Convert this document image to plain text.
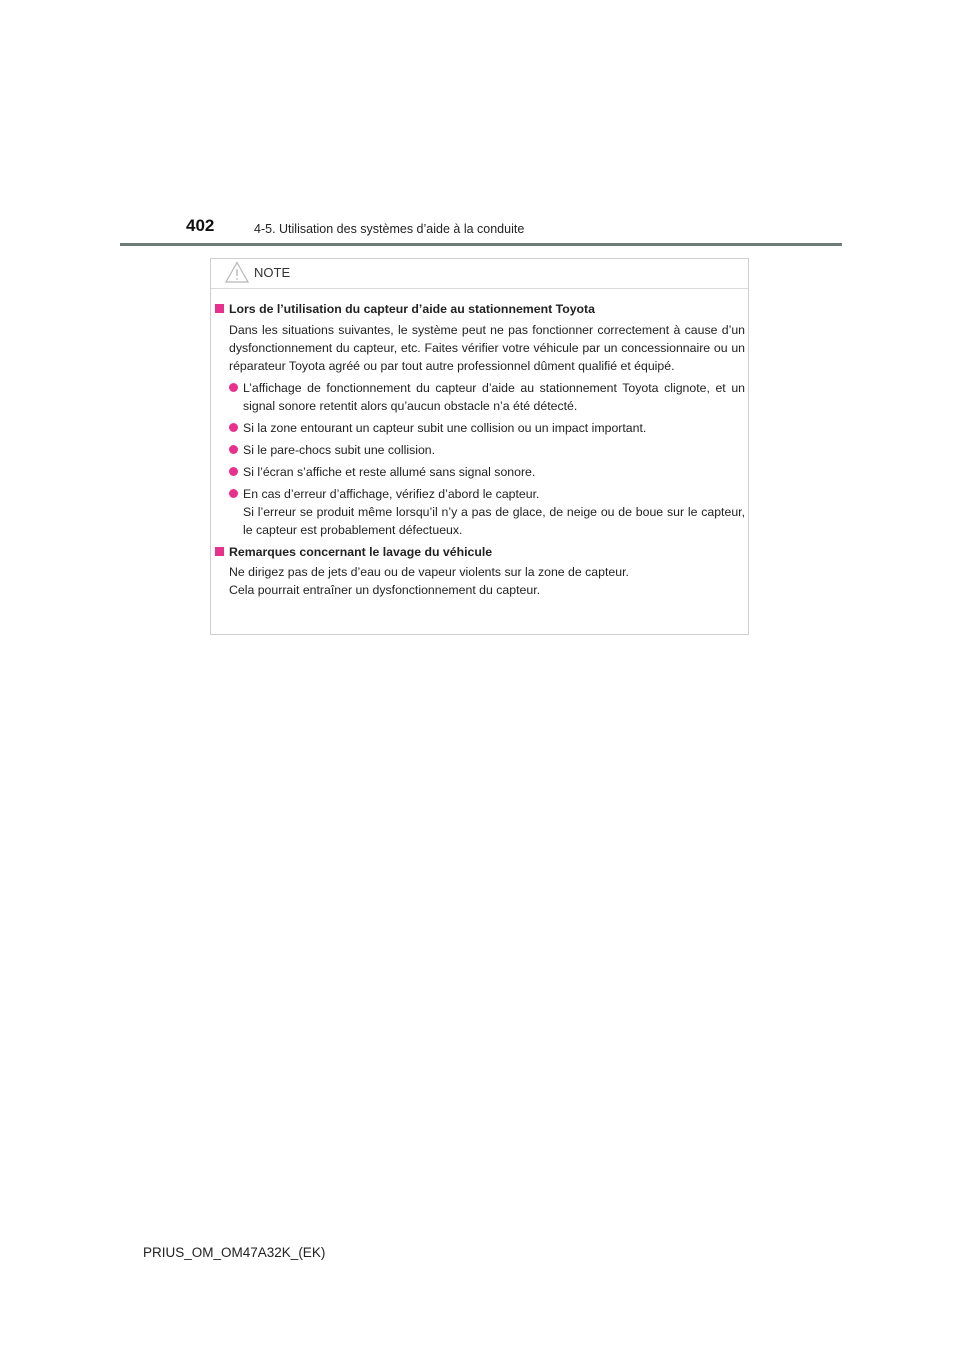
402	4-5. Utilisation des systèmes d’aide à la conduite
NOTE
Lors de l’utilisation du capteur d’aide au stationnement Toyota

Dans les situations suivantes, le système peut ne pas fonctionner correctement à cause d’un dysfonctionnement du capteur, etc. Faites vérifier votre véhicule par un concessionnaire ou un réparateur Toyota agréé ou par tout autre professionnel dûment qualifié et équipé.

L’affichage de fonctionnement du capteur d’aide au stationnement Toyota clignote, et un signal sonore retentit alors qu’aucun obstacle n’a été détecté.
Si la zone entourant un capteur subit une collision ou un impact important.
Si le pare-chocs subit une collision.
Si l’écran s’affiche et reste allumé sans signal sonore.
En cas d’erreur d’affichage, vérifiez d’abord le capteur.
Si l’erreur se produit même lorsqu’il n’y a pas de glace, de neige ou de boue sur le capteur, le capteur est probablement défectueux.
Remarques concernant le lavage du véhicule

Ne dirigez pas de jets d’eau ou de vapeur violents sur la zone de capteur.

Cela pourrait entraîner un dysfonctionnement du capteur.

PRIUS_OM_OM47A32K_(EK)
